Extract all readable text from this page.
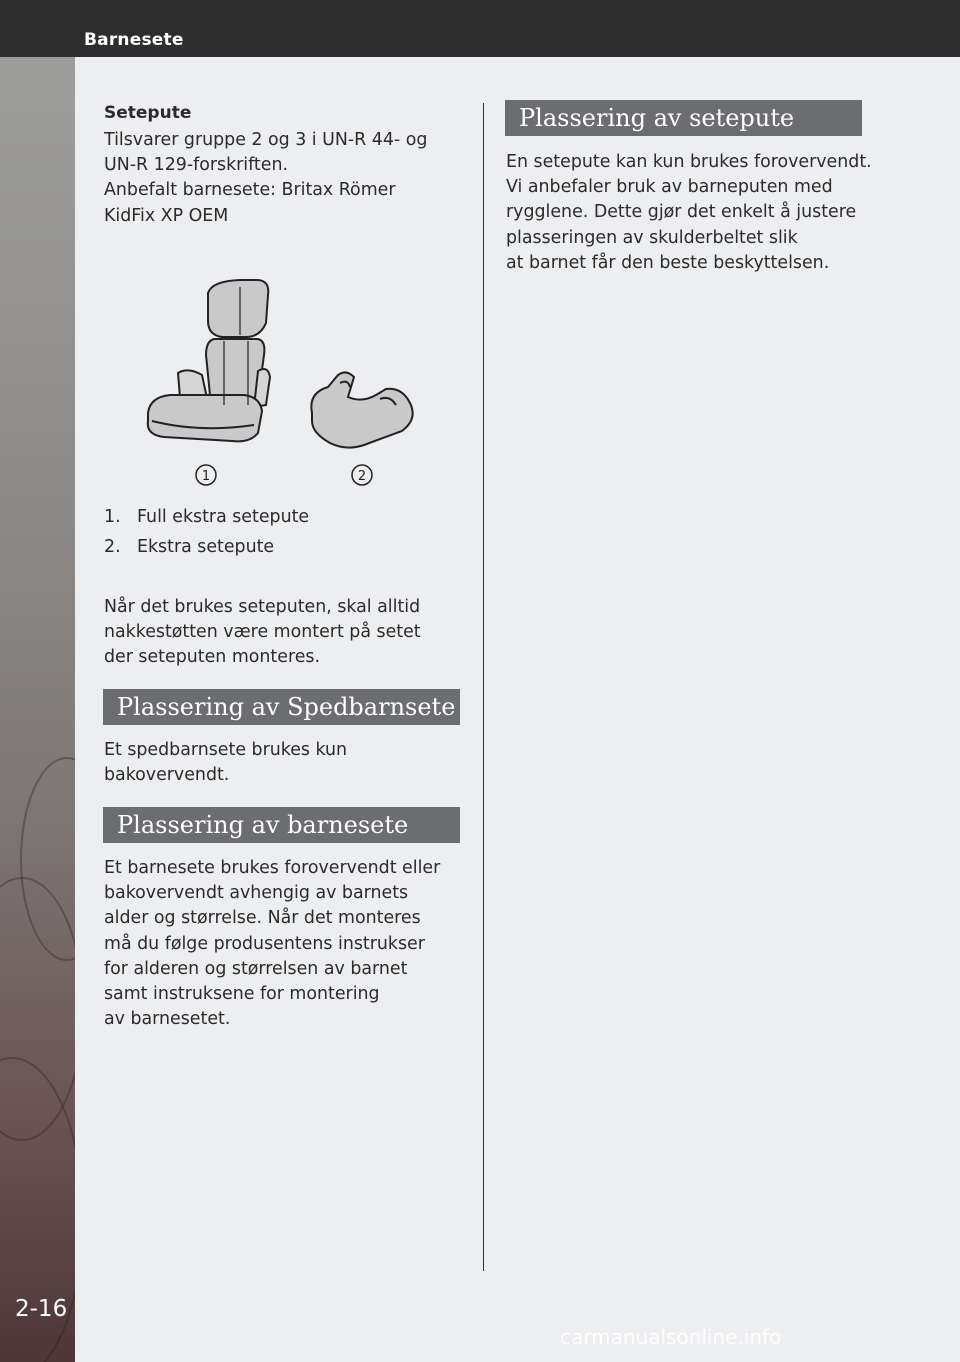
Barnesete
2-16
Setepute

Tilsvarer gruppe 2 og 3 i UN-R 44- og

UN-R 129-forskriften.

Anbefalt barnesete: Britax Römer

KidFix XP OEM

1	2
1. Full ekstra setepute
2. Ekstra setepute

Når det brukes seteputen, skal alltid

nakkestøtten være montert på setet

der seteputen monteres.

Plassering av Spedbarnsete

Et spedbarnsete brukes kun

bakovervendt.

Plassering av barnesete

Et barnesete brukes forovervendt eller

bakovervendt avhengig av barnets

alder og størrelse. Når det monteres

må du følge produsentens instrukser

for alderen og størrelsen av barnet

samt instruksene for montering

av barnesetet.

Plassering av setepute

En setepute kan kun brukes forovervendt.

Vi anbefaler bruk av barneputen med

rygglene. Dette gjør det enkelt å justere

plasseringen av skulderbeltet slik

at barnet får den beste beskyttelsen.

carmanualsonline.info
